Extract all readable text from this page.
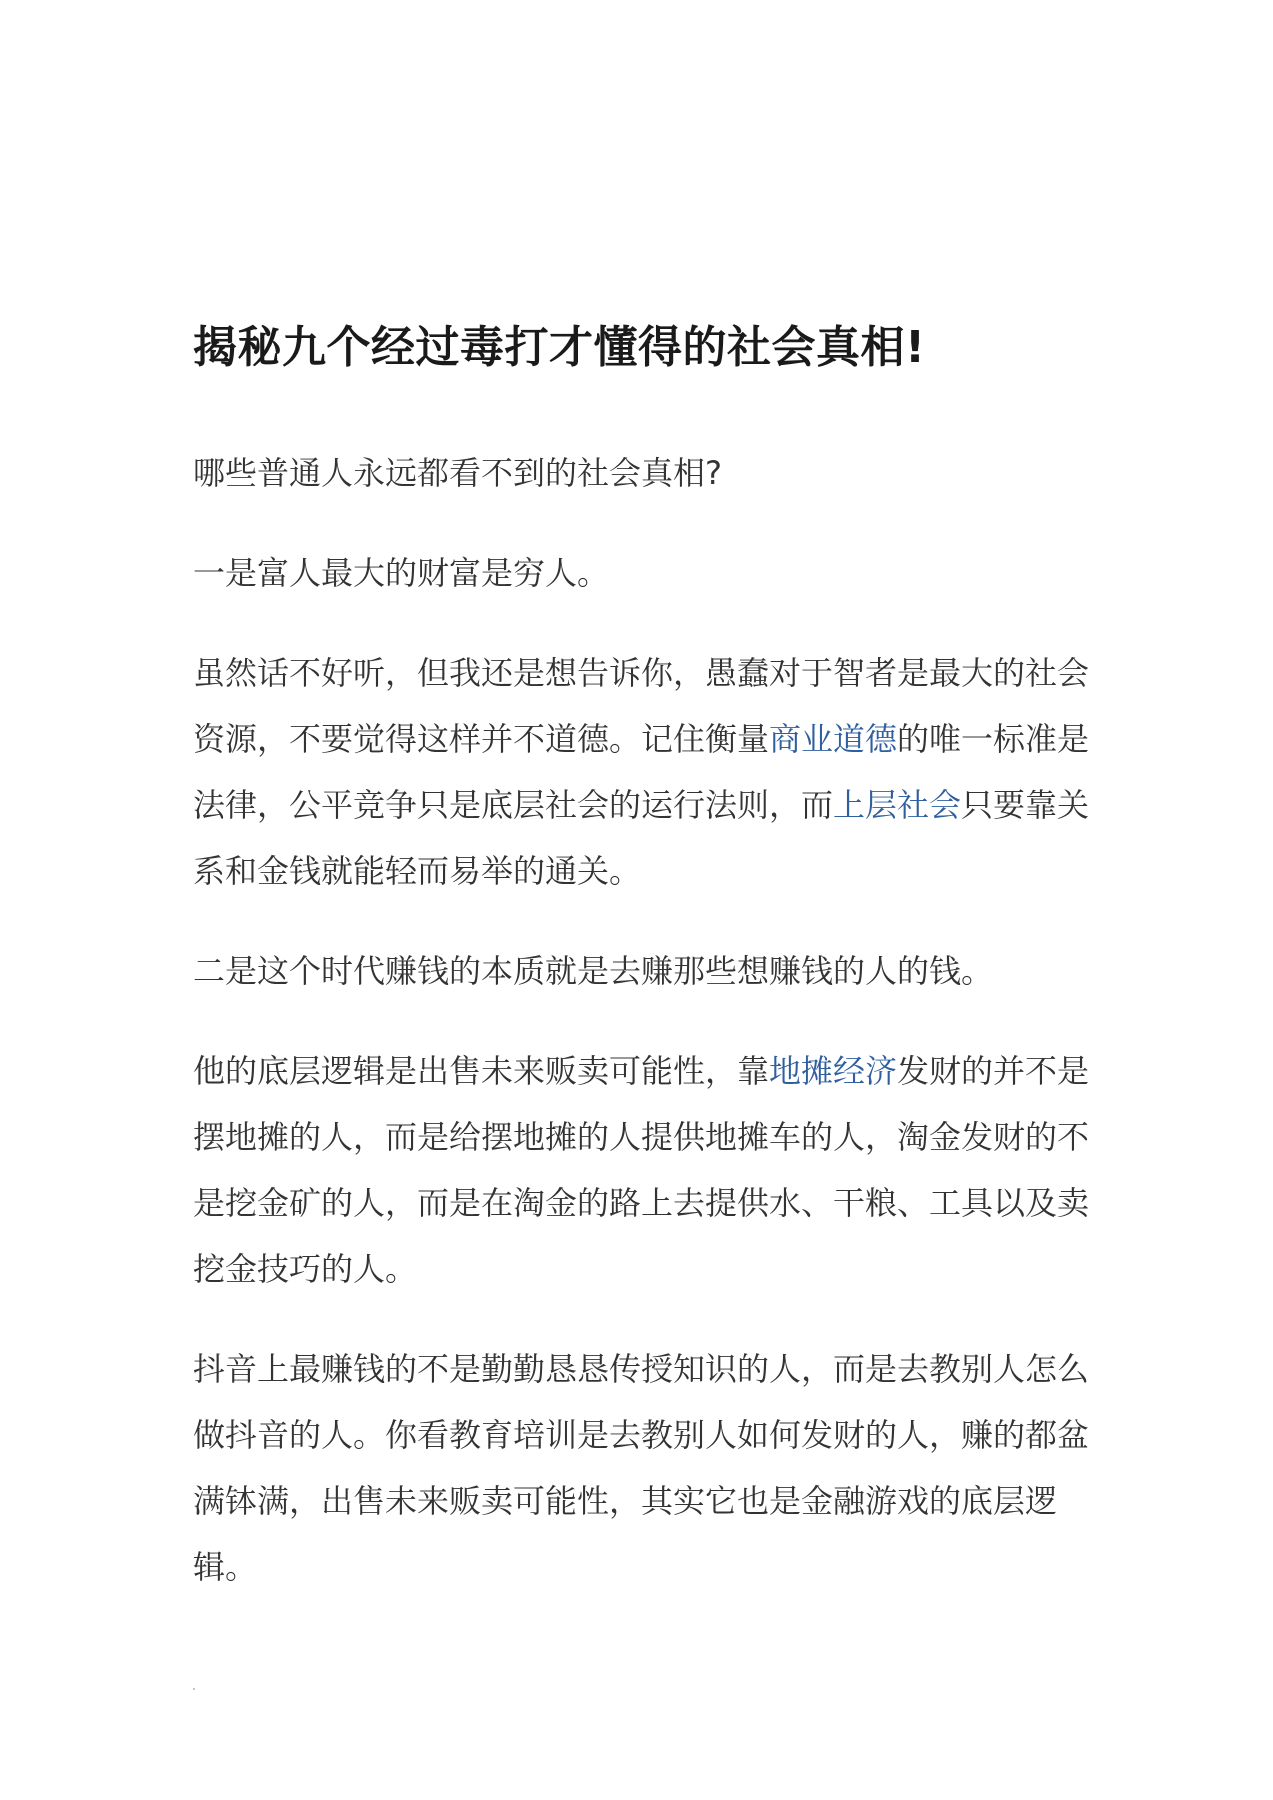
揭秘九个经过毒打才懂得的社会真相!

哪些普通人永远都看不到的社会真相?

一是富人最大的财富是穷人。

虽然话不好听，但我还是想告诉你，愚蠢对于智者是最大的社会资源，不要觉得这样并不道德。记住衡量商业道德的唯一标准是法律，公平竞争只是底层社会的运行法则，而上层社会只要靠关系和金钱就能轻而易举的通关。

二是这个时代赚钱的本质就是去赚那些想赚钱的人的钱。

他的底层逻辑是出售未来贩卖可能性，靠地摊经济发财的并不是摆地摊的人，而是给摆地摊的人提供地摊车的人，淘金发财的不是挖金矿的人，而是在淘金的路上去提供水、干粮、工具以及卖挖金技巧的人。

抖音上最赚钱的不是勤勤恳恳传授知识的人，而是去教别人怎么做抖音的人。你看教育培训是去教别人如何发财的人，赚的都盆满钵满，出售未来贩卖可能性，其实它也是金融游戏的底层逻辑。
